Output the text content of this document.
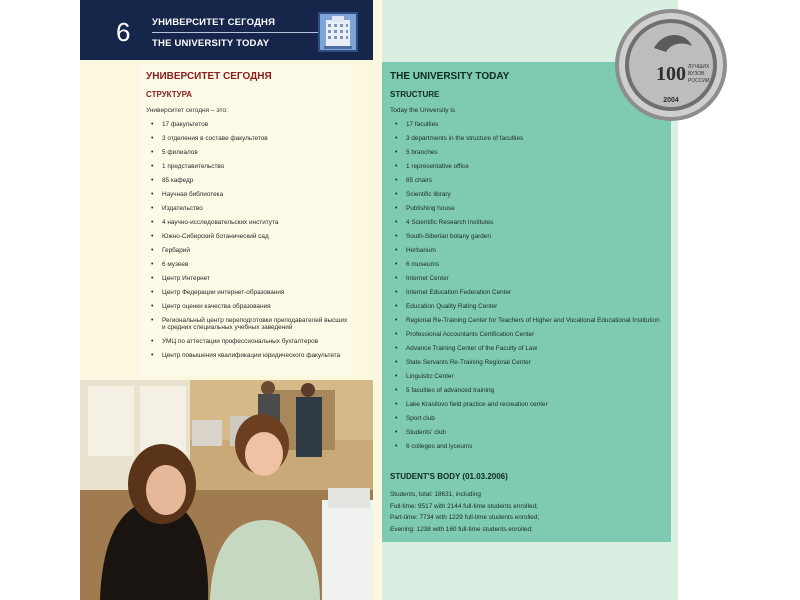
6 УНИВЕРСИТЕТ СЕГОДНЯ
THE UNIVERSITY TODAY
УНИВЕРСИТЕТ СЕГОДНЯ
СТРУКТУРА
Университет сегодня – это:
• 17 факультетов
• 3 отделения в составе факультетов
• 5 филиалов
• 1 представительство
• 85 кафедр
• Научная библиотека
• Издательство
• 4 научно-исследовательских института
• Южно-Сибирский ботанический сад
• Гербарий
• 6 музеев
• Центр Интернет
• Центр Федерации интернет-образования
• Центр оценки качества образования
• Региональный центр переподготовки преподавателей высших и средних специальных учебных заведений
• УМЦ по аттестации профессиональных бухгалтеров
• Центр повышения квалификации юридического факультета
THE UNIVERSITY TODAY
STRUCTURE
Today the University is
• 17 faculties
• 3 departments in the structure of faculties
• 5 branches
• 1 representative office
• 85 chairs
• Scientific library
• Publishing house
• 4 Scientific Research Institutes
• South-Siberian botany garden
• Herbarium
• 6 museums
• Internet Center
• Internet Education Federation Center
• Education Quality Rating Center
• Regional Re-Training Center for Teachers of Higher and Vocational Educational Institution
• Professional Accountants Certification Center
• Advance Training Center of the Faculty of Law
• State Servants Re-Training Regional Center
• Linguistic Center
• 5 faculties of advanced training
• Lake Krasilovo field practice and recreation center
• Sport club
• Students' club
• 6 colleges and lyceums
STUDENT'S BODY (01.03.2006)
Students, total: 18631, including
Full-time: 9517 with 2144 full-time students enrolled;
Part-time: 7734 with 1229 full-time students enrolled;
Evening: 1238 with 160 full-time students enrolled;
100 ЛУЧШИХ
ВУЗОВ
РОССИИ
2004
